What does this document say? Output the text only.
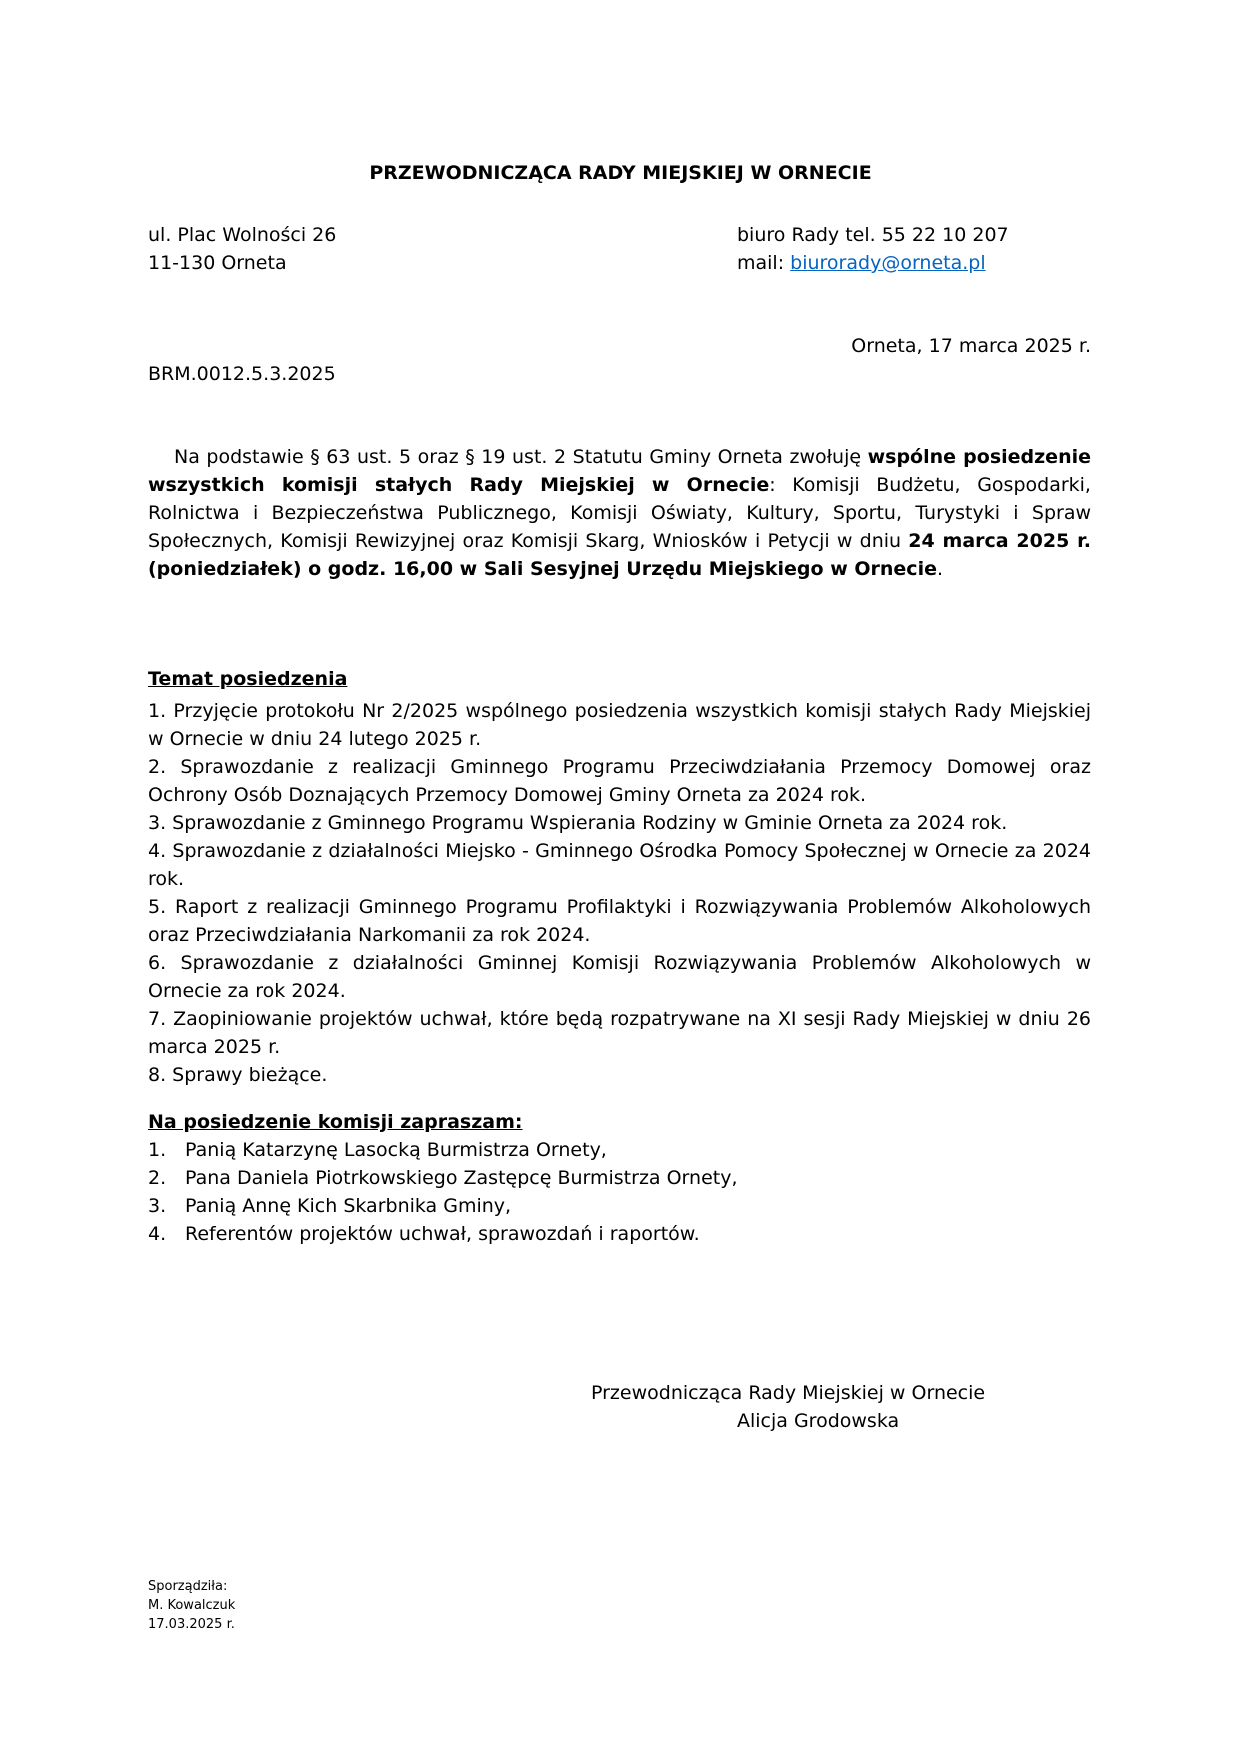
PRZEWODNICZĄCA RADY MIEJSKIEJ W ORNECIE
ul. Plac Wolności 26
11-130 Orneta
biuro Rady tel. 55 22 10 207
mail: biurorady@orneta.pl
Orneta, 17 marca 2025 r.
BRM.0012.5.3.2025
Na podstawie § 63 ust. 5 oraz § 19 ust. 2 Statutu Gminy Orneta zwołuję wspólne posiedzenie wszystkich komisji stałych Rady Miejskiej w Ornecie: Komisji Budżetu, Gospodarki, Rolnictwa i Bezpieczeństwa Publicznego, Komisji Oświaty, Kultury, Sportu, Turystyki i Spraw Społecznych, Komisji Rewizyjnej oraz Komisji Skarg, Wniosków i Petycji w dniu 24 marca 2025 r. (poniedziałek) o godz. 16,00 w Sali Sesyjnej Urzędu Miejskiego w Ornecie.
Temat posiedzenia
1. Przyjęcie protokołu Nr 2/2025 wspólnego posiedzenia wszystkich komisji stałych Rady Miejskiej w Ornecie w dniu 24 lutego 2025 r.
2. Sprawozdanie z realizacji Gminnego Programu Przeciwdziałania Przemocy Domowej oraz Ochrony Osób Doznających Przemocy Domowej Gminy Orneta za 2024 rok.
3. Sprawozdanie z Gminnego Programu Wspierania Rodziny w Gminie Orneta za 2024 rok.
4. Sprawozdanie z działalności Miejsko - Gminnego Ośrodka Pomocy Społecznej w Ornecie za 2024 rok.
5. Raport z realizacji Gminnego Programu Profilaktyki i Rozwiązywania Problemów Alkoholowych oraz Przeciwdziałania Narkomanii za rok 2024.
6. Sprawozdanie z działalności Gminnej Komisji Rozwiązywania Problemów Alkoholowych w Ornecie za rok 2024.
7. Zaopiniowanie projektów uchwał, które będą rozpatrywane na XI sesji Rady Miejskiej w dniu 26 marca 2025 r.
8. Sprawy bieżące.
Na posiedzenie komisji zapraszam:
1. Panią Katarzynę Lasocką Burmistrza Ornety,
2. Pana Daniela Piotrkowskiego Zastępcę Burmistrza Ornety,
3. Panią Annę Kich Skarbnika Gminy,
4. Referentów projektów uchwał, sprawozdań i raportów.
Przewodnicząca Rady Miejskiej w Ornecie
Alicja Grodowska
Sporządziła:
M. Kowalczuk
17.03.2025 r.
